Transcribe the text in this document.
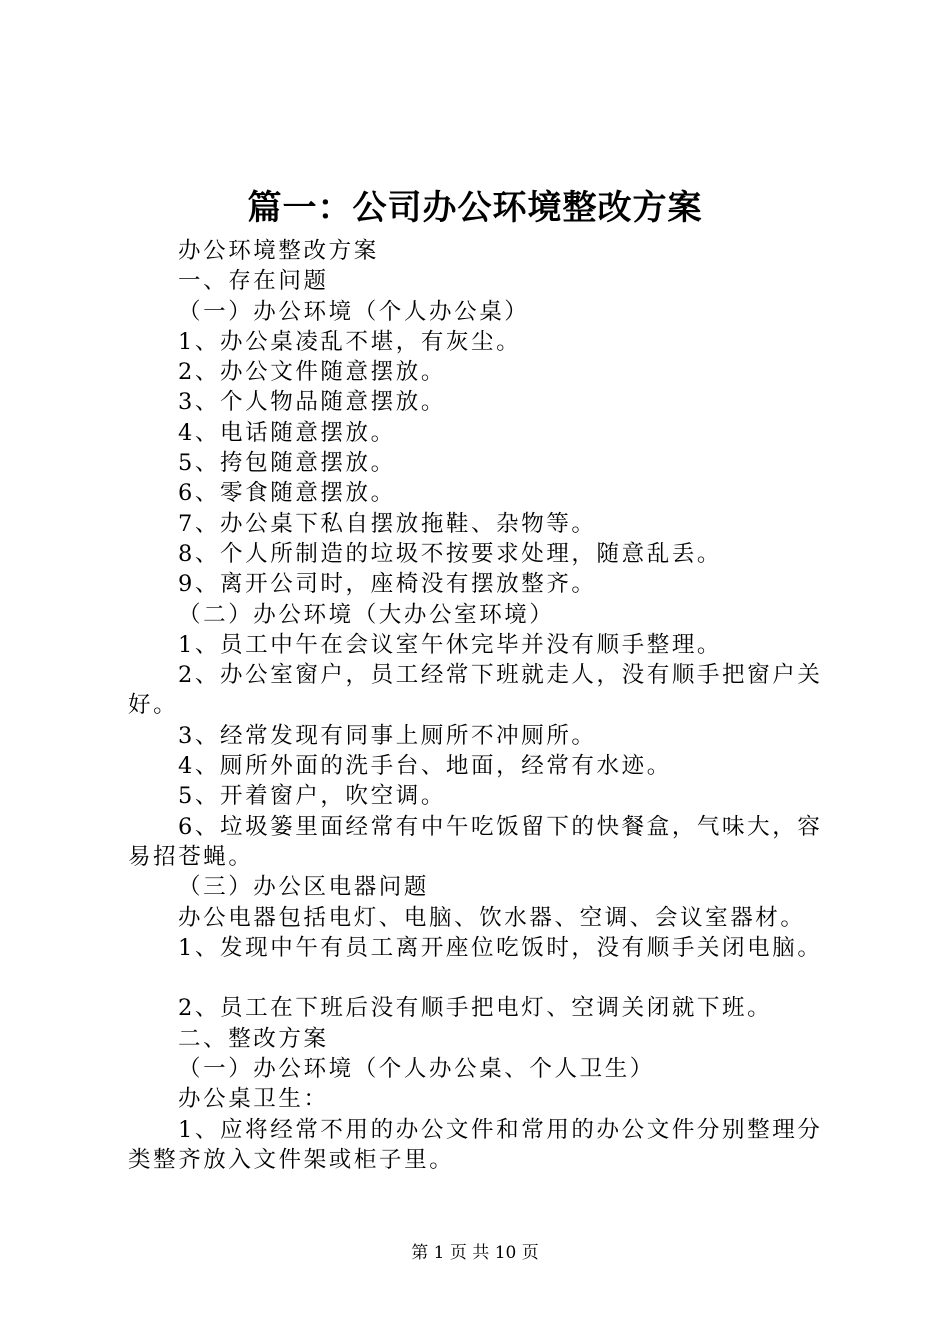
篇一：公司办公环境整改方案

办公环境整改方案

一、存在问题

（一）办公环境（个人办公桌）

1、办公桌凌乱不堪，有灰尘。

2、办公文件随意摆放。

3、个人物品随意摆放。

4、电话随意摆放。

5、挎包随意摆放。

6、零食随意摆放。

7、办公桌下私自摆放拖鞋、杂物等。

8、个人所制造的垃圾不按要求处理，随意乱丢。

9、离开公司时，座椅没有摆放整齐。

（二）办公环境（大办公室环境）

1、员工中午在会议室午休完毕并没有顺手整理。

2、办公室窗户，员工经常下班就走人，没有顺手把窗户关好。

3、经常发现有同事上厕所不冲厕所。

4、厕所外面的洗手台、地面，经常有水迹。

5、开着窗户，吹空调。

6、垃圾篓里面经常有中午吃饭留下的快餐盒，气味大，容易招苍蝇。

（三）办公区电器问题

办公电器包括电灯、电脑、饮水器、空调、会议室器材。

1、发现中午有员工离开座位吃饭时，没有顺手关闭电脑。

2、员工在下班后没有顺手把电灯、空调关闭就下班。

二、整改方案

（一）办公环境（个人办公桌、个人卫生）

办公桌卫生：

1、应将经常不用的办公文件和常用的办公文件分别整理分类整齐放入文件架或柜子里。

第 1 页 共 10 页
